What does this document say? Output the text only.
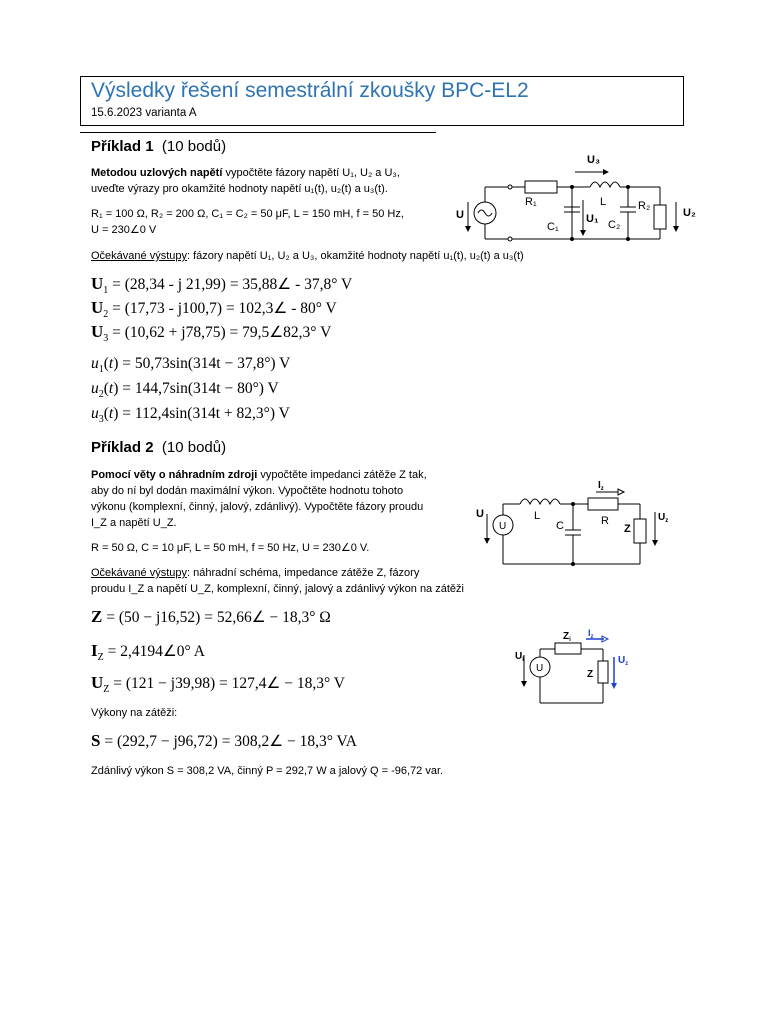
Výsledky řešení semestrální zkoušky BPC-EL2
15.6.2023 varianta A
Příklad 1 (10 bodů)
Metodou uzlových napětí vypočtěte fázory napětí U₁, U₂ a U₃,
uveďte výrazy pro okamžité hodnoty napětí u₁(t), u₂(t) a u₃(t).
R₁ = 100 Ω, R₂ = 200 Ω, C₁ = C₂ = 50 μF, L = 150 mH, f = 50 Hz,
U = 230∠0 V
Očekávané výstupy: fázory napětí U₁, U₂ a U₃, okamžité hodnoty napětí u₁(t), u₂(t) a u₃(t)
$U_1 = (28,34 - j$ 21,99) = 35,88∠ - 37,8° V
$U_2 = (17,73 - j100,7)$ = 102,3∠ - 80° V
$U_3 = (10,62 + j78,75)$ = 79,5∠82,3° V
$u_1(t) = 50,73\sin(314t - 37,8^\circ)$ V
$u_2(t) = 144,7\sin(314t - 80^\circ)$ V
$u_3(t) = 112,4\sin(314t + 82,3^\circ)$ V
U₃
R₁	L	R₂
U	U₁	U₂
C₁	C₂
Příklad 2 (10 bodů)
Pomocí věty o náhradním zdroji vypočtěte impedanci zátěže Z tak,
aby do ní byl dodán maximální výkon. Vypočtěte hodnotu tohoto
výkonu (komplexní, činný, jalový, zdánlivý). Vypočtěte fázory proudu
I_Z a napětí U_Z.
R = 50 Ω, C = 10 μF, L = 50 mH, f = 50 Hz, U = 230∠0 V.
Očekávané výstupy: náhradní schéma, impedance zátěže Z, fázory
proudu I_Z a napětí U_Z, komplexní, činný, jalový a zdánlivý výkon na zátěži
Z = (50 − j16,52) = 52,66∠ − 18,3° Ω
$I_Z$ = 2,4194∠0° A
$U_Z = (121 - j39,98)$ = 127,4∠ − 18,3° V
Výkony na zátěži:
S = (292,7 − j96,72) = 308,2∠ − 18,3° VA
Zdánlivý výkon S = 308,2 VA, činný P = 292,7 W a jalový Q = -96,72 var.
U
U	L
C	R
Z
$I_z$
$U_z$
U
$U_i$
$Z_i$
$I_z$
$U_z$
Z
